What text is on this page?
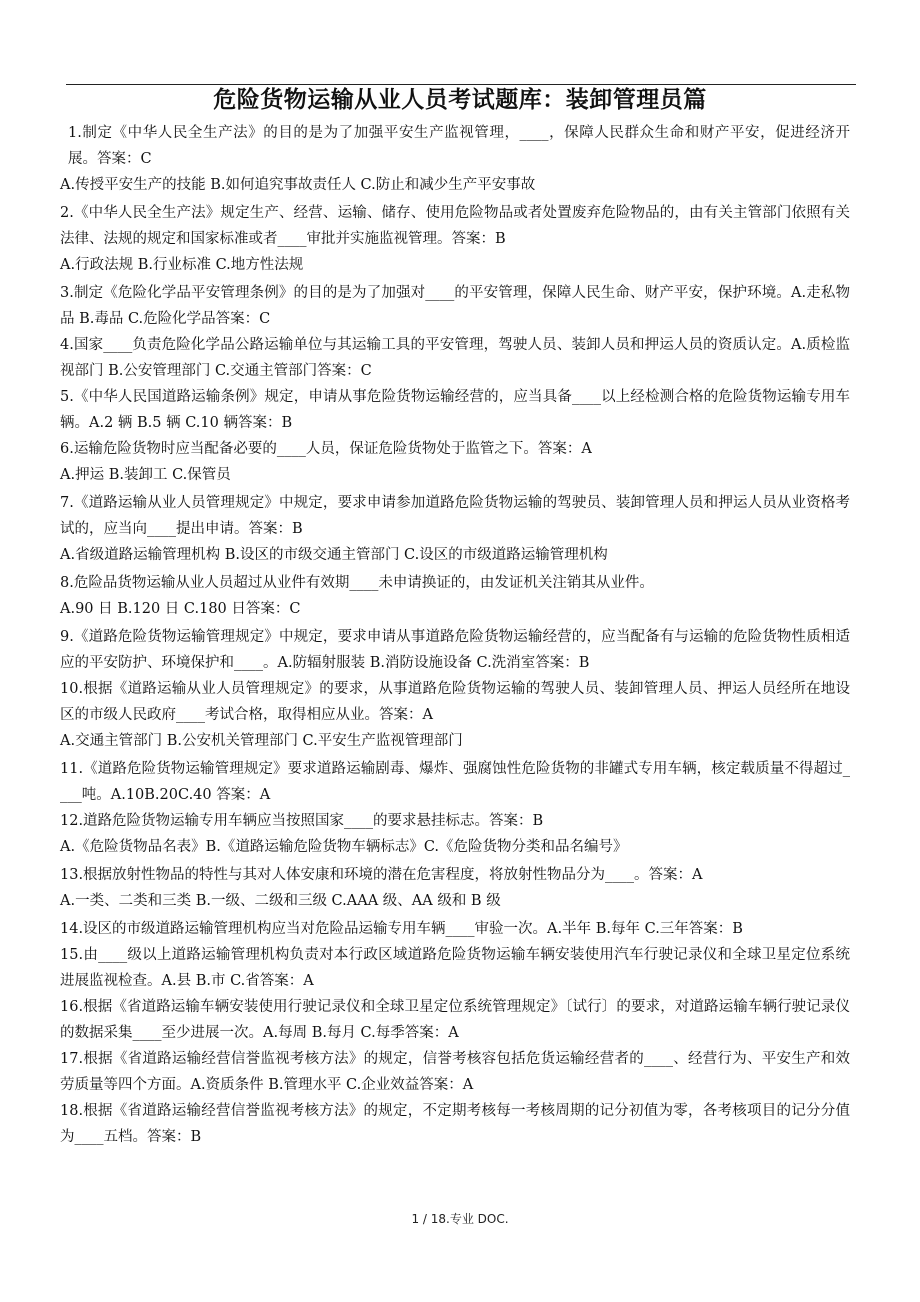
危险货物运输从业人员考试题库：装卸管理员篇

1.制定《中华人民全生产法》的目的是为了加强平安生产监视管理，____，保障人民群众生命和财产平安，促进经济开展。答案：C

A.传授平安生产的技能 B.如何追究事故责任人 C.防止和减少生产平安事故

2.《中华人民全生产法》规定生产、经营、运输、储存、使用危险物品或者处置废弃危险物品的，由有关主管部门依照有关法律、法规的规定和国家标准或者____审批并实施监视管理。答案：B

A.行政法规 B.行业标准 C.地方性法规

3.制定《危险化学品平安管理条例》的目的是为了加强对____的平安管理，保障人民生命、财产平安，保护环境。A.走私物品 B.毒品 C.危险化学品答案：C

4.国家____负责危险化学品公路运输单位与其运输工具的平安管理，驾驶人员、装卸人员和押运人员的资质认定。A.质检监视部门 B.公安管理部门 C.交通主管部门答案：C

5.《中华人民国道路运输条例》规定，申请从事危险货物运输经营的，应当具备____以上经检测合格的危险货物运输专用车辆。A.2 辆 B.5 辆 C.10 辆答案：B

6.运输危险货物时应当配备必要的____人员，保证危险货物处于监管之下。答案：A

A.押运 B.装卸工 C.保管员

7.《道路运输从业人员管理规定》中规定，要求申请参加道路危险货物运输的驾驶员、装卸管理人员和押运人员从业资格考试的，应当向____提出申请。答案：B

A.省级道路运输管理机构 B.设区的市级交通主管部门 C.设区的市级道路运输管理机构

8.危险品货物运输从业人员超过从业件有效期____未申请换证的，由发证机关注销其从业件。

A.90 日 B.120 日 C.180 日答案：C

9.《道路危险货物运输管理规定》中规定，要求申请从事道路危险货物运输经营的，应当配备有与运输的危险货物性质相适应的平安防护、环境保护和____。A.防辐射服装 B.消防设施设备 C.洗消室答案：B

10.根据《道路运输从业人员管理规定》的要求，从事道路危险货物运输的驾驶人员、装卸管理人员、押运人员经所在地设区的市级人民政府____考试合格，取得相应从业。答案：A

A.交通主管部门 B.公安机关管理部门 C.平安生产监视管理部门

11.《道路危险货物运输管理规定》要求道路运输剧毒、爆炸、强腐蚀性危险货物的非罐式专用车辆，核定载质量不得超过____吨。A.10B.20C.40 答案：A

12.道路危险货物运输专用车辆应当按照国家____的要求悬挂标志。答案：B

A.《危险货物品名表》B.《道路运输危险货物车辆标志》C.《危险货物分类和品名编号》

13.根据放射性物品的特性与其对人体安康和环境的潜在危害程度，将放射性物品分为____。答案：A

A.一类、二类和三类 B.一级、二级和三级 C.AAA 级、AA 级和 B 级

14.设区的市级道路运输管理机构应当对危险品运输专用车辆____审验一次。A.半年 B.每年 C.三年答案：B

15.由____级以上道路运输管理机构负责对本行政区域道路危险货物运输车辆安装使用汽车行驶记录仪和全球卫星定位系统进展监视检查。A.县 B.市 C.省答案：A

16.根据《省道路运输车辆安装使用行驶记录仪和全球卫星定位系统管理规定》〔试行〕的要求，对道路运输车辆行驶记录仪的数据采集____至少进展一次。A.每周 B.每月 C.每季答案：A

17.根据《省道路运输经营信誉监视考核方法》的规定，信誉考核容包括危货运输经营者的____、经营行为、平安生产和效劳质量等四个方面。A.资质条件 B.管理水平 C.企业效益答案：A

18.根据《省道路运输经营信誉监视考核方法》的规定，不定期考核每一考核周期的记分初值为零，各考核项目的记分分值为____五档。答案：B

1 / 18.专业 DOC.
